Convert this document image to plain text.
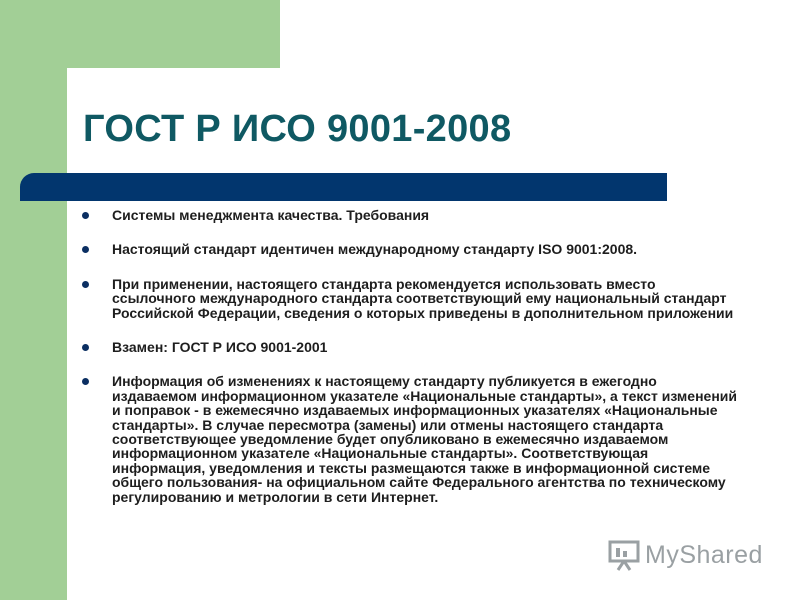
ГОСТ Р ИСО 9001-2008
Системы менеджмента качества. Требования
Настоящий стандарт идентичен международному стандарту ISO 9001:2008.
При применении, настоящего стандарта рекомендуется использовать вместо ссылочного международного стандарта соответствующий ему национальный стандарт Российской Федерации, сведения о которых приведены в дополнительном приложении
Взамен: ГОСТ Р ИСО 9001-2001
Информация об изменениях к настоящему стандарту публикуется в ежегодно издаваемом информационном указателе «Национальные стандарты», а текст изменений и поправок - в ежемесячно издаваемых информационных указателях «Национальные стандарты». В случае пересмотра (замены) или отмены настоящего стандарта соответствующее уведомление будет опубликовано в ежемесячно издаваемом информационном указателе «Национальные стандарты». Соответствующая информация, уведомления и тексты размещаются также в информационной системе общего пользования- на официальном сайте Федерального агентства по техническому регулированию и метрологии в сети Интернет.
MyShared
